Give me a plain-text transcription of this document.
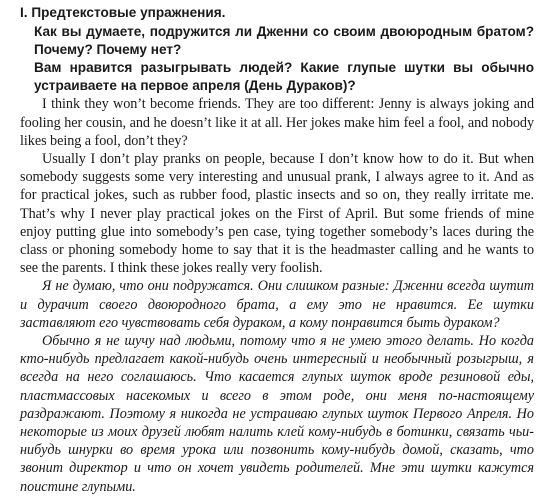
I. Предтекстовые упражнения.
Как вы думаете, подружится ли Дженни со своим двоюродным братом? Почему? Почему нет?
Вам нравится разыгрывать людей? Какие глупые шутки вы обычно устраиваете на первое апреля (День Дураков)?

I think they won’t become friends. They are too different: Jenny is always joking and fooling her cousin, and he doesn’t like it at all. Her jokes make him feel a fool, and nobody likes being a fool, don’t they?

Usually I don’t play pranks on people, because I don’t know how to do it. But when somebody suggests some very interesting and unusual prank, I always agree to it. And as for practical jokes, such as rubber food, plastic insects and so on, they really irritate me. That’s why I never play practical jokes on the First of April. But some friends of mine enjoy putting glue into somebody’s pen case, tying together somebody’s laces during the class or phoning somebody home to say that it is the headmaster calling and he wants to see the parents. I think these jokes really very foolish.

Я не думаю, что они подружатся. Они слишком разные: Дженни всегда шутит и дурачит своего двоюродного брата, а ему это не нравится. Ее шутки заставляют его чувствовать себя дураком, а кому понравится быть дураком?

Обычно я не шучу над людьми, потому что я не умею этого делать. Но когда кто-нибудь предлагает какой-нибудь очень интересный и необычный розыгрыш, я всегда на него соглашаюсь. Что касается глупых шуток вроде резиновой еды, пластмассовых насекомых и всего в этом роде, они меня по-настоящему раздражают. Поэтому я никогда не устраиваю глупых шуток Первого Апреля. Но некоторые из моих друзей любят налить клей кому-нибудь в ботинки, связать чьи-нибудь шнурки во время урока или позвонить кому-нибудь домой, сказать, что звонит директор и что он хочет увидеть родителей. Мне эти шутки кажутся поистине глупыми.
